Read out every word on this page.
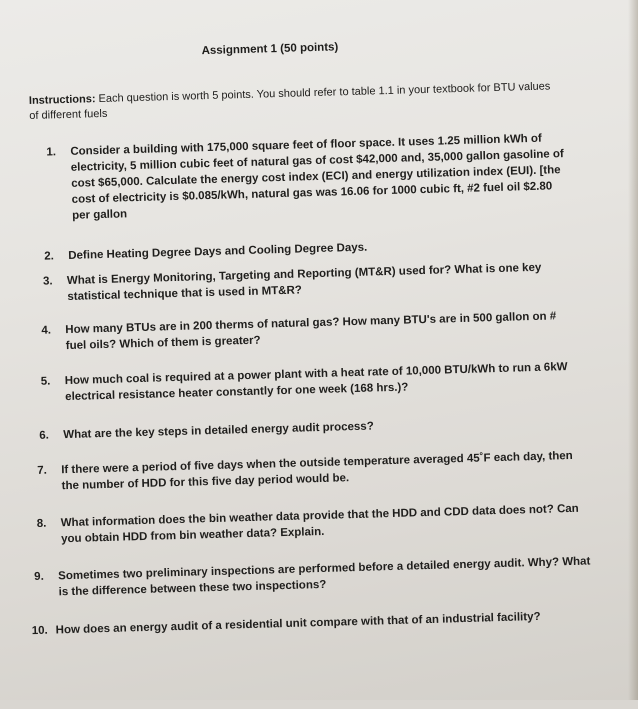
Assignment 1 (50 points)
Instructions: Each question is worth 5 points. You should refer to table 1.1 in your textbook for BTU values of different fuels
1.	Consider a building with 175,000 square feet of floor space. It uses 1.25 million kWh of electricity, 5 million cubic feet of natural gas of cost $42,000 and, 35,000 gallon gasoline of cost $65,000. Calculate the energy cost index (ECI) and energy utilization index (EUI). [the cost of electricity is $0.085/kWh, natural gas was 16.06 for 1000 cubic ft, #2 fuel oil $2.80 per gallon
2.	Define Heating Degree Days and Cooling Degree Days.
3.	What is Energy Monitoring, Targeting and Reporting (MT&R) used for? What is one key statistical technique that is used in MT&R?
4.	How many BTUs are in 200 therms of natural gas? How many BTU's are in 500 gallon on # fuel oils? Which of them is greater?
5.	How much coal is required at a power plant with a heat rate of 10,000 BTU/kWh to run a 6kW electrical resistance heater constantly for one week (168 hrs.)?
6.	What are the key steps in detailed energy audit process?
7.	If there were a period of five days when the outside temperature averaged 45˚F each day, then the number of HDD for this five day period would be.
8.	What information does the bin weather data provide that the HDD and CDD data does not? Can you obtain HDD from bin weather data? Explain.
9.	Sometimes two preliminary inspections are performed before a detailed energy audit. Why? What is the difference between these two inspections?
10. How does an energy audit of a residential unit compare with that of an industrial facility?
